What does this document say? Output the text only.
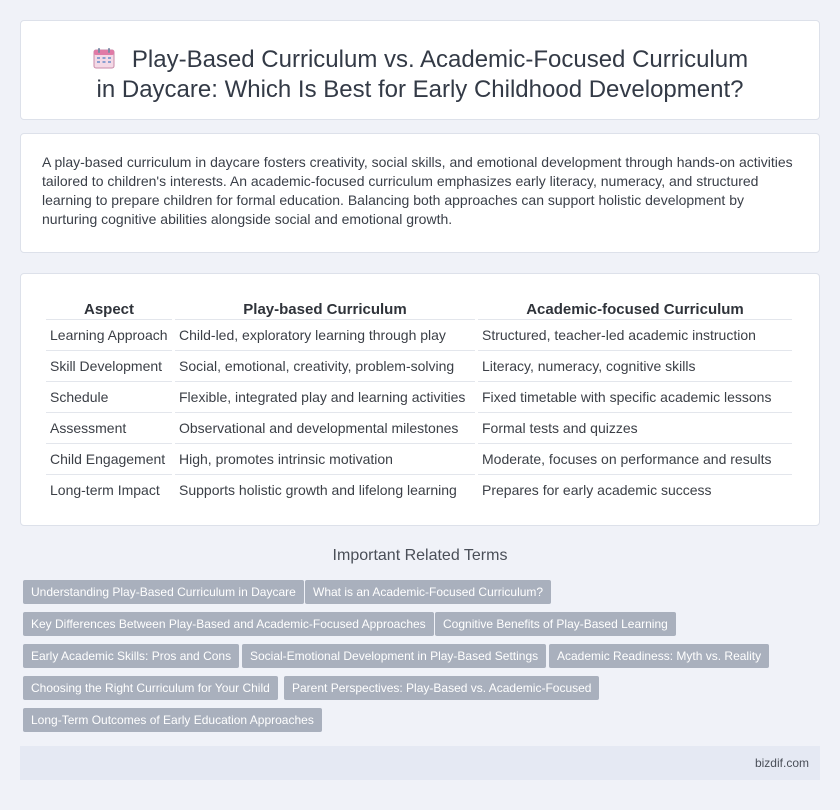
Play-Based Curriculum vs. Academic-Focused Curriculum in Daycare: Which Is Best for Early Childhood Development?

A play-based curriculum in daycare fosters creativity, social skills, and emotional development through hands-on activities tailored to children's interests. An academic-focused curriculum emphasizes early literacy, numeracy, and structured learning to prepare children for formal education. Balancing both approaches can support holistic development by nurturing cognitive abilities alongside social and emotional growth.

Aspect	Play-based Curriculum	Academic-focused Curriculum
Learning Approach	Child-led, exploratory learning through play	Structured, teacher-led academic instruction
Skill Development	Social, emotional, creativity, problem-solving	Literacy, numeracy, cognitive skills
Schedule	Flexible, integrated play and learning activities	Fixed timetable with specific academic lessons
Assessment	Observational and developmental milestones	Formal tests and quizzes
Child Engagement	High, promotes intrinsic motivation	Moderate, focuses on performance and results
Long-term Impact	Supports holistic growth and lifelong learning	Prepares for early academic success
Important Related Terms
Understanding Play-Based Curriculum in Daycare	What is an Academic-Focused Curriculum?
Key Differences Between Play-Based and Academic-Focused Approaches	Cognitive Benefits of Play-Based Learning
Early Academic Skills: Pros and Cons	Social-Emotional Development in Play-Based Settings	Academic Readiness: Myth vs. Reality
Choosing the Right Curriculum for Your Child	Parent Perspectives: Play-Based vs. Academic-Focused
Long-Term Outcomes of Early Education Approaches
bizdif.com
